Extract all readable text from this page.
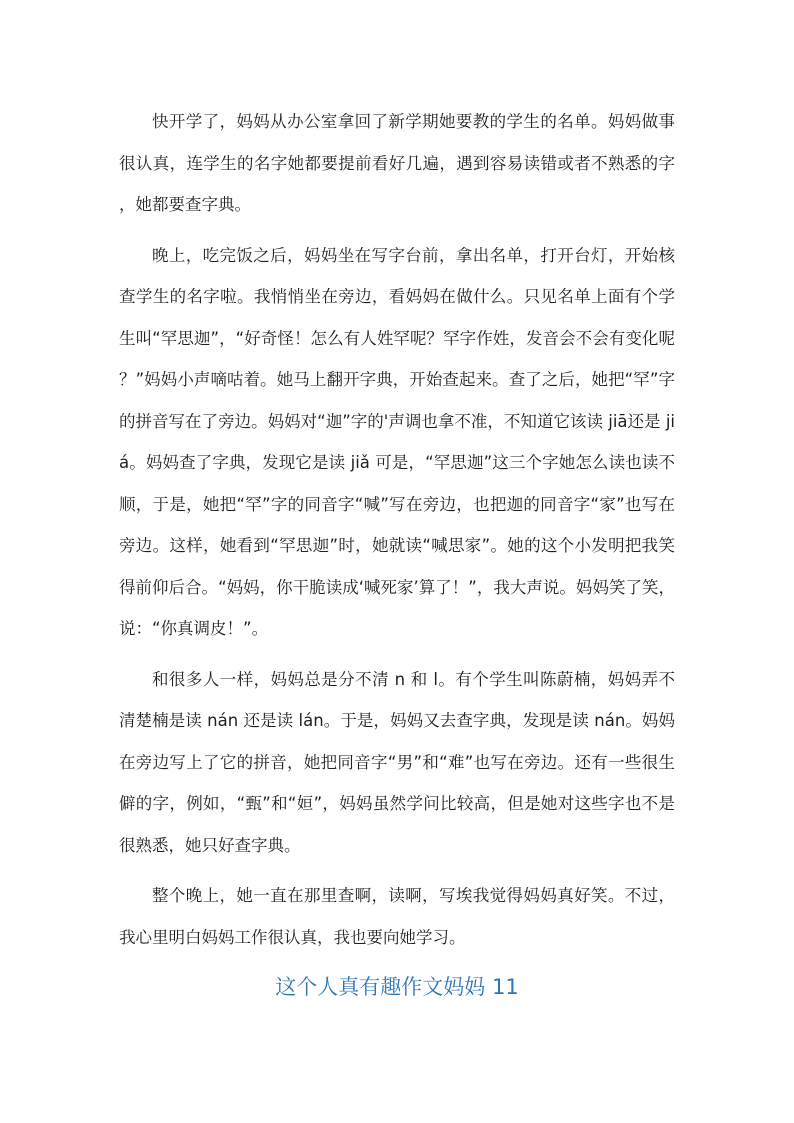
快开学了，妈妈从办公室拿回了新学期她要教的学生的名单。妈妈做事很认真，连学生的名字她都要提前看好几遍，遇到容易读错或者不熟悉的字，她都要查字典。

晚上，吃完饭之后，妈妈坐在写字台前，拿出名单，打开台灯，开始核查学生的名字啦。我悄悄坐在旁边，看妈妈在做什么。只见名单上面有个学生叫“罕思迦”，“好奇怪！怎么有人姓罕呢？罕字作姓，发音会不会有变化呢？”妈妈小声嘀咕着。她马上翻开字典，开始查起来。查了之后，她把“罕”字的拼音写在了旁边。妈妈对“迦”字的'声调也拿不准，不知道它该读 jiā还是 jiá。妈妈查了字典，发现它是读 jiǎ 可是，“罕思迦”这三个字她怎么读也读不顺，于是，她把“罕”字的同音字“喊”写在旁边，也把迦的同音字“家”也写在旁边。这样，她看到“罕思迦”时，她就读“喊思家”。她的这个小发明把我笑得前仰后合。“妈妈，你干脆读成‘喊死家’算了！”，我大声说。妈妈笑了笑，说：“你真调皮！”。

和很多人一样，妈妈总是分不清 n 和 l。有个学生叫陈蔚楠，妈妈弄不清楚楠是读 nán 还是读 lán。于是，妈妈又去查字典，发现是读 nán。妈妈在旁边写上了它的拼音，她把同音字“男”和“难”也写在旁边。还有一些很生僻的字，例如，“甄”和“姮”，妈妈虽然学问比较高，但是她对这些字也不是很熟悉，她只好查字典。

整个晚上，她一直在那里查啊，读啊，写埃我觉得妈妈真好笑。不过，我心里明白妈妈工作很认真，我也要向她学习。

这个人真有趣作文妈妈 11
